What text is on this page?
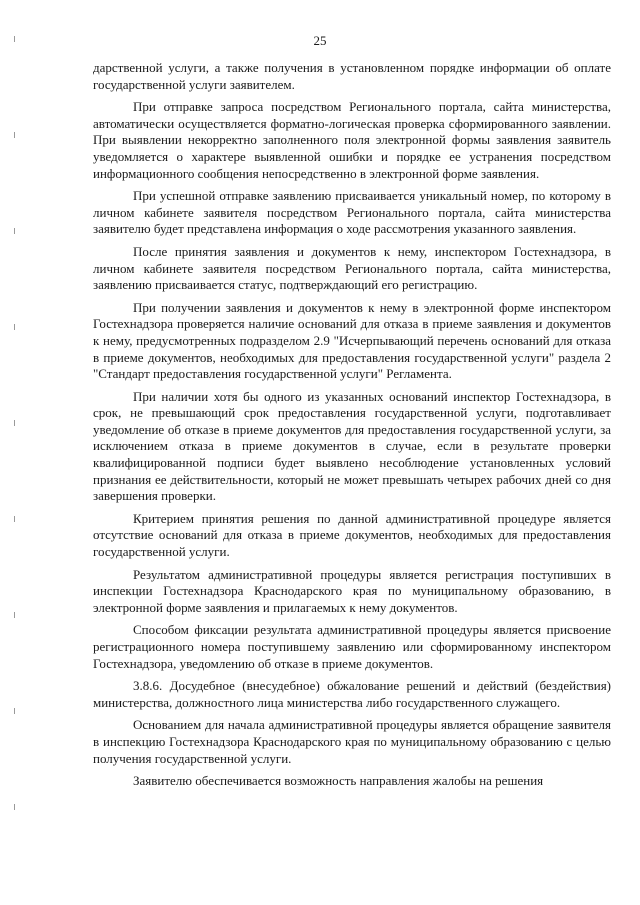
25

дарственной услуги, а также получения в установленном порядке информации об оплате государственной услуги заявителем.

При отправке запроса посредством Регионального портала, сайта министерства, автоматически осуществляется форматно-логическая проверка сформированного заявлении. При выявлении некорректно заполненного поля электронной формы заявления заявитель уведомляется о характере выявленной ошибки и порядке ее устранения посредством информационного сообщения непосредственно в электронной форме заявления.

При успешной отправке заявлению присваивается уникальный номер, по которому в личном кабинете заявителя посредством Регионального портала, сайта министерства заявителю будет представлена информация о ходе рассмотрения указанного заявления.

После принятия заявления и документов к нему, инспектором Гостехнадзора, в личном кабинете заявителя посредством Регионального портала, сайта министерства, заявлению присваивается статус, подтверждающий его регистрацию.

При получении заявления и документов к нему в электронной форме инспектором Гостехнадзора проверяется наличие оснований для отказа в приеме заявления и документов к нему, предусмотренных подразделом 2.9 "Исчерпывающий перечень оснований для отказа в приеме документов, необходимых для предоставления государственной услуги" раздела 2 "Стандарт предоставления государственной услуги" Регламента.

При наличии хотя бы одного из указанных оснований инспектор Гостехнадзора, в срок, не превышающий срок предоставления государственной услуги, подготавливает уведомление об отказе в приеме документов для предоставления государственной услуги, за исключением отказа в приеме документов в случае, если в результате проверки квалифицированной подписи будет выявлено несоблюдение установленных условий признания ее действительности, который не может превышать четырех рабочих дней со дня завершения проверки.

Критерием принятия решения по данной административной процедуре является отсутствие оснований для отказа в приеме документов, необходимых для предоставления государственной услуги.

Результатом административной процедуры является регистрация поступивших в инспекции Гостехнадзора Краснодарского края по муниципальному образованию, в электронной форме заявления и прилагаемых к нему документов.

Способом фиксации результата административной процедуры является присвоение регистрационного номера поступившему заявлению или сформированному инспектором Гостехнадзора, уведомлению об отказе в приеме документов.

3.8.6. Досудебное (внесудебное) обжалование решений и действий (бездействия) министерства, должностного лица министерства либо государственного служащего.

Основанием для начала административной процедуры является обращение заявителя в инспекцию Гостехнадзора Краснодарского края по муниципальному образованию с целью получения государственной услуги.

Заявителю обеспечивается возможность направления жалобы на решения
